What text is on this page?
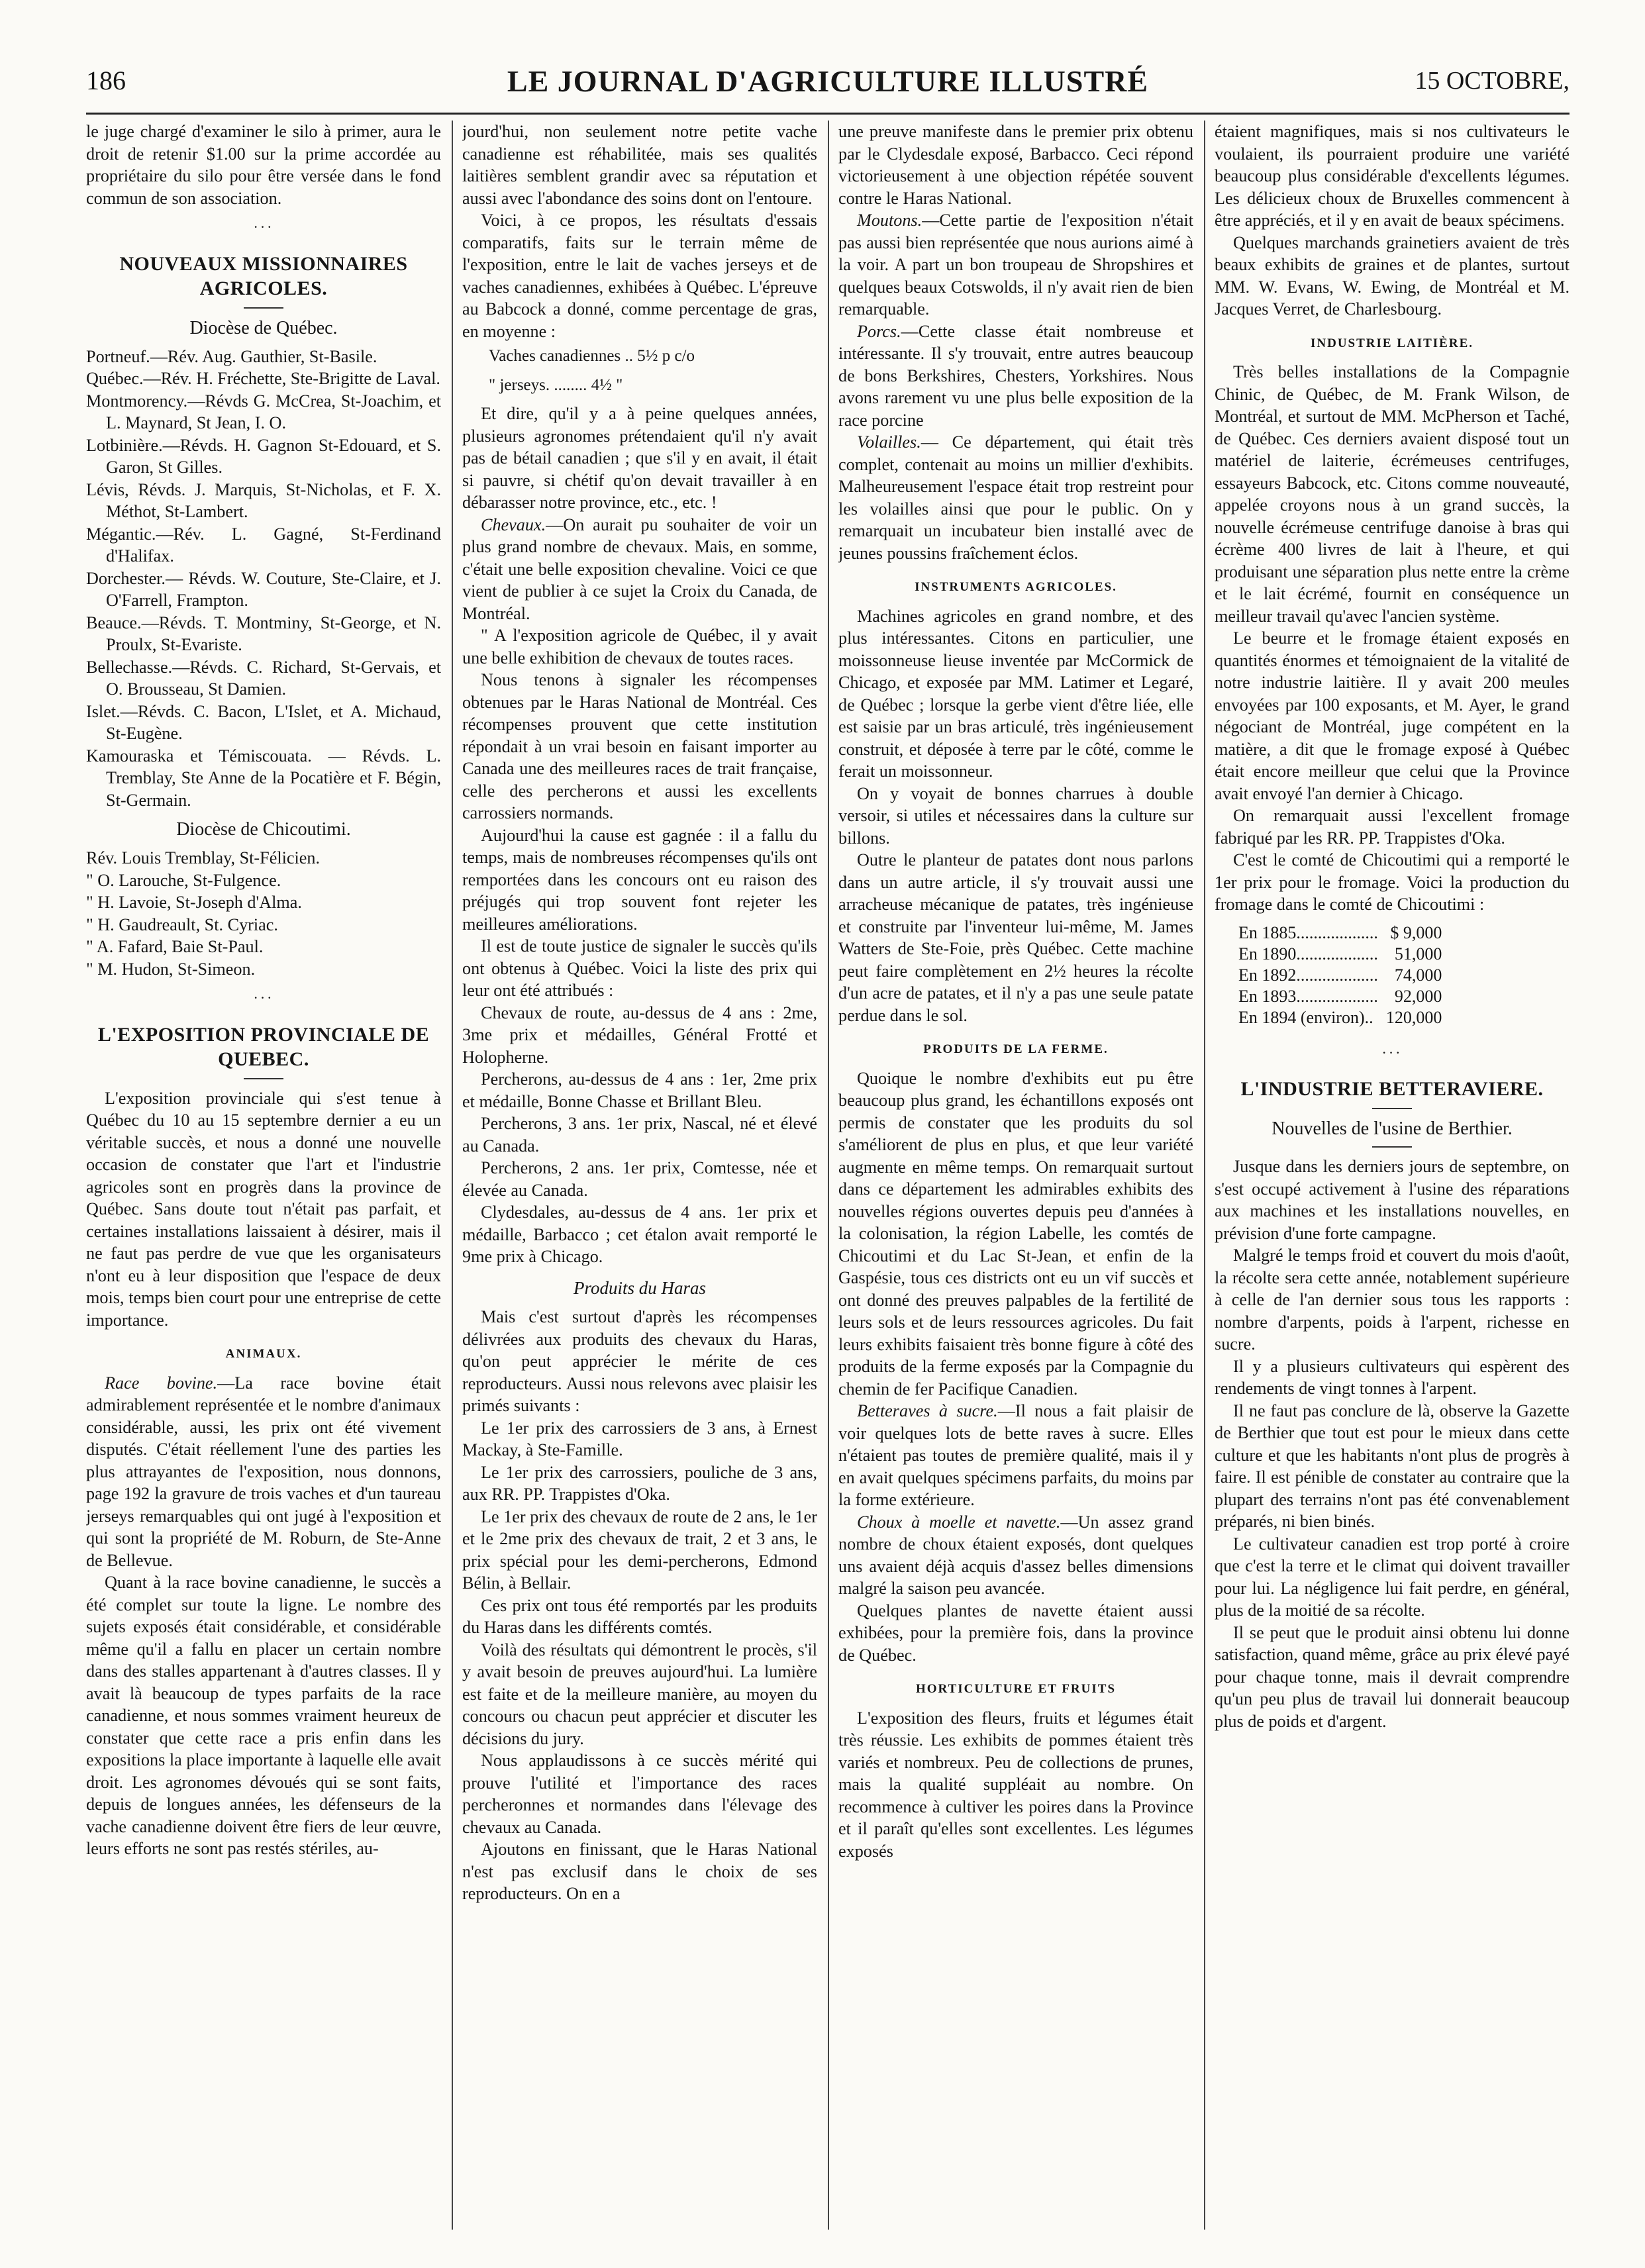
186	LE JOURNAL D'AGRICULTURE ILLUSTRÉ	15 OCTOBRE,

le juge chargé d'examiner le silo à primer, aura le droit de retenir $1.00 sur la prime accordée au propriétaire du silo pour être versée dans le fond commun de son association.

···
NOUVEAUX MISSIONNAIRES AGRICOLES.
Diocèse de Québec.
Portneuf.—Rév. Aug. Gauthier, St-Basile.
Québec.—Rév. H. Fréchette, Ste-Brigitte de Laval.
Montmorency.—Révds G. McCrea, St-Joachim, et L. Maynard, St Jean, I. O.
Lotbinière.—Révds. H. Gagnon St-Edouard, et S. Garon, St Gilles.
Lévis, Révds. J. Marquis, St-Nicholas, et F. X. Méthot, St-Lambert.
Mégantic.—Rév. L. Gagné, St-Ferdinand d'Halifax.
Dorchester.— Révds. W. Couture, Ste-Claire, et J. O'Farrell, Frampton.
Beauce.—Révds. T. Montminy, St-George, et N. Proulx, St-Evariste.
Bellechasse.—Révds. C. Richard, St-Gervais, et O. Brousseau, St Damien.
Islet.—Révds. C. Bacon, L'Islet, et A. Michaud, St-Eugène.
Kamouraska et Témiscouata. — Révds. L. Tremblay, Ste Anne de la Pocatière et F. Bégin, St-Germain.
Diocèse de Chicoutimi.
Rév. Louis Tremblay, St-Félicien.
" O. Larouche, St-Fulgence.
" H. Lavoie, St-Joseph d'Alma.
" H. Gaudreault, St. Cyriac.
" A. Fafard, Baie St-Paul.
" M. Hudon, St-Simeon.
···
L'EXPOSITION PROVINCIALE DE QUEBEC.

L'exposition provinciale qui s'est tenue à Québec du 10 au 15 septembre dernier a eu un véritable succès, et nous a donné une nouvelle occasion de constater que l'art et l'industrie agricoles sont en progrès dans la province de Québec. Sans doute tout n'était pas parfait, et certaines installations laissaient à désirer, mais il ne faut pas perdre de vue que les organisateurs n'ont eu à leur disposition que l'espace de deux mois, temps bien court pour une entreprise de cette importance.

ANIMAUX.

Race bovine.—La race bovine était admirablement représentée et le nombre d'animaux considérable, aussi, les prix ont été vivement disputés. C'était réellement l'une des parties les plus attrayantes de l'exposition, nous donnons, page 192 la gravure de trois vaches et d'un taureau jerseys remarquables qui ont jugé à l'exposition et qui sont la propriété de M. Roburn, de Ste-Anne de Bellevue.

Quant à la race bovine canadienne, le succès a été complet sur toute la ligne. Le nombre des sujets exposés était considérable, et considérable même qu'il a fallu en placer un certain nombre dans des stalles appartenant à d'autres classes. Il y avait là beaucoup de types parfaits de la race canadienne, et nous sommes vraiment heureux de constater que cette race a pris enfin dans les expositions la place importante à laquelle elle avait droit. Les agronomes dévoués qui se sont faits, depuis de longues années, les défenseurs de la vache canadienne doivent être fiers de leur œuvre, leurs efforts ne sont pas restés stériles, au-

jourd'hui, non seulement notre petite vache canadienne est réhabilitée, mais ses qualités laitières semblent grandir avec sa réputation et aussi avec l'abondance des soins dont on l'entoure.

Voici, à ce propos, les résultats d'essais comparatifs, faits sur le terrain même de l'exposition, entre le lait de vaches jerseys et de vaches canadiennes, exhibées à Québec. L'épreuve au Babcock a donné, comme percentage de gras, en moyenne :

Vaches canadiennes .. 5½ p c/o
" jerseys. ........ 4½ "

Et dire, qu'il y a à peine quelques années, plusieurs agronomes prétendaient qu'il n'y avait pas de bétail canadien ; que s'il y en avait, il était si pauvre, si chétif qu'on devait travailler à en débarasser notre province, etc., etc. !

Chevaux.—On aurait pu souhaiter de voir un plus grand nombre de chevaux. Mais, en somme, c'était une belle exposition chevaline. Voici ce que vient de publier à ce sujet la Croix du Canada, de Montréal.

" A l'exposition agricole de Québec, il y avait une belle exhibition de chevaux de toutes races.

Nous tenons à signaler les récompenses obtenues par le Haras National de Montréal. Ces récompenses prouvent que cette institution répondait à un vrai besoin en faisant importer au Canada une des meilleures races de trait française, celle des percherons et aussi les excellents carrossiers normands.

Aujourd'hui la cause est gagnée : il a fallu du temps, mais de nombreuses récompenses qu'ils ont remportées dans les concours ont eu raison des préjugés qui trop souvent font rejeter les meilleures améliorations.

Il est de toute justice de signaler le succès qu'ils ont obtenus à Québec. Voici la liste des prix qui leur ont été attribués :

Chevaux de route, au-dessus de 4 ans : 2me, 3me prix et médailles, Général Frotté et Holopherne.

Percherons, au-dessus de 4 ans : 1er, 2me prix et médaille, Bonne Chasse et Brillant Bleu.

Percherons, 3 ans. 1er prix, Nascal, né et élevé au Canada.

Percherons, 2 ans. 1er prix, Comtesse, née et élevée au Canada.

Clydesdales, au-dessus de 4 ans. 1er prix et médaille, Barbacco ; cet étalon avait remporté le 9me prix à Chicago.

Produits du Haras

Mais c'est surtout d'après les récompenses délivrées aux produits des chevaux du Haras, qu'on peut apprécier le mérite de ces reproducteurs. Aussi nous relevons avec plaisir les primés suivants :

Le 1er prix des carrossiers de 3 ans, à Ernest Mackay, à Ste-Famille.

Le 1er prix des carrossiers, pouliche de 3 ans, aux RR. PP. Trappistes d'Oka.

Le 1er prix des chevaux de route de 2 ans, le 1er et le 2me prix des chevaux de trait, 2 et 3 ans, le prix spécial pour les demi-percherons, Edmond Bélin, à Bellair.

Ces prix ont tous été remportés par les produits du Haras dans les différents comtés.

Voilà des résultats qui démontrent le procès, s'il y avait besoin de preuves aujourd'hui. La lumière est faite et de la meilleure manière, au moyen du concours ou chacun peut apprécier et discuter les décisions du jury.

Nous applaudissons à ce succès mérité qui prouve l'utilité et l'importance des races percheronnes et normandes dans l'élevage des chevaux au Canada.

Ajoutons en finissant, que le Haras National n'est pas exclusif dans le choix de ses reproducteurs. On en a

une preuve manifeste dans le premier prix obtenu par le Clydesdale exposé, Barbacco. Ceci répond victorieusement à une objection répétée souvent contre le Haras National.

Moutons.—Cette partie de l'exposition n'était pas aussi bien représentée que nous aurions aimé à la voir. A part un bon troupeau de Shropshires et quelques beaux Cotswolds, il n'y avait rien de bien remarquable.

Porcs.—Cette classe était nombreuse et intéressante. Il s'y trouvait, entre autres beaucoup de bons Berkshires, Chesters, Yorkshires. Nous avons rarement vu une plus belle exposition de la race porcine

Volailles.— Ce département, qui était très complet, contenait au moins un millier d'exhibits. Malheureusement l'espace était trop restreint pour les volailles ainsi que pour le public. On y remarquait un incubateur bien installé avec de jeunes poussins fraîchement éclos.

INSTRUMENTS AGRICOLES.

Machines agricoles en grand nombre, et des plus intéressantes. Citons en particulier, une moissonneuse lieuse inventée par McCormick de Chicago, et exposée par MM. Latimer et Legaré, de Québec ; lorsque la gerbe vient d'être liée, elle est saisie par un bras articulé, très ingénieusement construit, et déposée à terre par le côté, comme le ferait un moissonneur.

On y voyait de bonnes charrues à double versoir, si utiles et nécessaires dans la culture sur billons.

Outre le planteur de patates dont nous parlons dans un autre article, il s'y trouvait aussi une arracheuse mécanique de patates, très ingénieuse et construite par l'inventeur lui-même, M. James Watters de Ste-Foie, près Québec. Cette machine peut faire complètement en 2½ heures la récolte d'un acre de patates, et il n'y a pas une seule patate perdue dans le sol.

PRODUITS DE LA FERME.

Quoique le nombre d'exhibits eut pu être beaucoup plus grand, les échantillons exposés ont permis de constater que les produits du sol s'améliorent de plus en plus, et que leur variété augmente en même temps. On remarquait surtout dans ce département les admirables exhibits des nouvelles régions ouvertes depuis peu d'années à la colonisation, la région Labelle, les comtés de Chicoutimi et du Lac St-Jean, et enfin de la Gaspésie, tous ces districts ont eu un vif succès et ont donné des preuves palpables de la fertilité de leurs sols et de leurs ressources agricoles. Du fait leurs exhibits faisaient très bonne figure à côté des produits de la ferme exposés par la Compagnie du chemin de fer Pacifique Canadien.

Betteraves à sucre.—Il nous a fait plaisir de voir quelques lots de bette raves à sucre. Elles n'étaient pas toutes de première qualité, mais il y en avait quelques spécimens parfaits, du moins par la forme extérieure.

Choux à moelle et navette.—Un assez grand nombre de choux étaient exposés, dont quelques uns avaient déjà acquis d'assez belles dimensions malgré la saison peu avancée.

Quelques plantes de navette étaient aussi exhibées, pour la première fois, dans la province de Québec.

HORTICULTURE ET FRUITS

L'exposition des fleurs, fruits et légumes était très réussie. Les exhibits de pommes étaient très variés et nombreux. Peu de collections de prunes, mais la qualité suppléait au nombre. On recommence à cultiver les poires dans la Province et il paraît qu'elles sont excellentes. Les légumes exposés

étaient magnifiques, mais si nos cultivateurs le voulaient, ils pourraient produire une variété beaucoup plus considérable d'excellents légumes. Les délicieux choux de Bruxelles commencent à être appréciés, et il y en avait de beaux spécimens.

Quelques marchands grainetiers avaient de très beaux exhibits de graines et de plantes, surtout MM. W. Evans, W. Ewing, de Montréal et M. Jacques Verret, de Charlesbourg.

INDUSTRIE LAITIÈRE.

Très belles installations de la Compagnie Chinic, de Québec, de M. Frank Wilson, de Montréal, et surtout de MM. McPherson et Taché, de Québec. Ces derniers avaient disposé tout un matériel de laiterie, écrémeuses centrifuges, essayeurs Babcock, etc. Citons comme nouveauté, appelée croyons nous à un grand succès, la nouvelle écrémeuse centrifuge danoise à bras qui écrème 400 livres de lait à l'heure, et qui produisant une séparation plus nette entre la crème et le lait écrémé, fournit en conséquence un meilleur travail qu'avec l'ancien système.

Le beurre et le fromage étaient exposés en quantités énormes et témoignaient de la vitalité de notre industrie laitière. Il y avait 200 meules envoyées par 100 exposants, et M. Ayer, le grand négociant de Montréal, juge compétent en la matière, a dit que le fromage exposé à Québec était encore meilleur que celui que la Province avait envoyé l'an dernier à Chicago.

On remarquait aussi l'excellent fromage fabriqué par les RR. PP. Trappistes d'Oka.

C'est le comté de Chicoutimi qui a remporté le 1er prix pour le fromage. Voici la production du fromage dans le comté de Chicoutimi :

En 1885...................	$ 9,000
En 1890...................	51,000
En 1892...................	74,000
En 1893...................	92,000
En 1894 (environ)..	120,000
···
L'INDUSTRIE BETTERAVIERE.
Nouvelles de l'usine de Berthier.

Jusque dans les derniers jours de septembre, on s'est occupé activement à l'usine des réparations aux machines et les installations nouvelles, en prévision d'une forte campagne.

Malgré le temps froid et couvert du mois d'août, la récolte sera cette année, notablement supérieure à celle de l'an dernier sous tous les rapports : nombre d'arpents, poids à l'arpent, richesse en sucre.

Il y a plusieurs cultivateurs qui espèrent des rendements de vingt tonnes à l'arpent.

Il ne faut pas conclure de là, observe la Gazette de Berthier que tout est pour le mieux dans cette culture et que les habitants n'ont plus de progrès à faire. Il est pénible de constater au contraire que la plupart des terrains n'ont pas été convenablement préparés, ni bien binés.

Le cultivateur canadien est trop porté à croire que c'est la terre et le climat qui doivent travailler pour lui. La négligence lui fait perdre, en général, plus de la moitié de sa récolte.

Il se peut que le produit ainsi obtenu lui donne satisfaction, quand même, grâce au prix élevé payé pour chaque tonne, mais il devrait comprendre qu'un peu plus de travail lui donnerait beaucoup plus de poids et d'argent.
